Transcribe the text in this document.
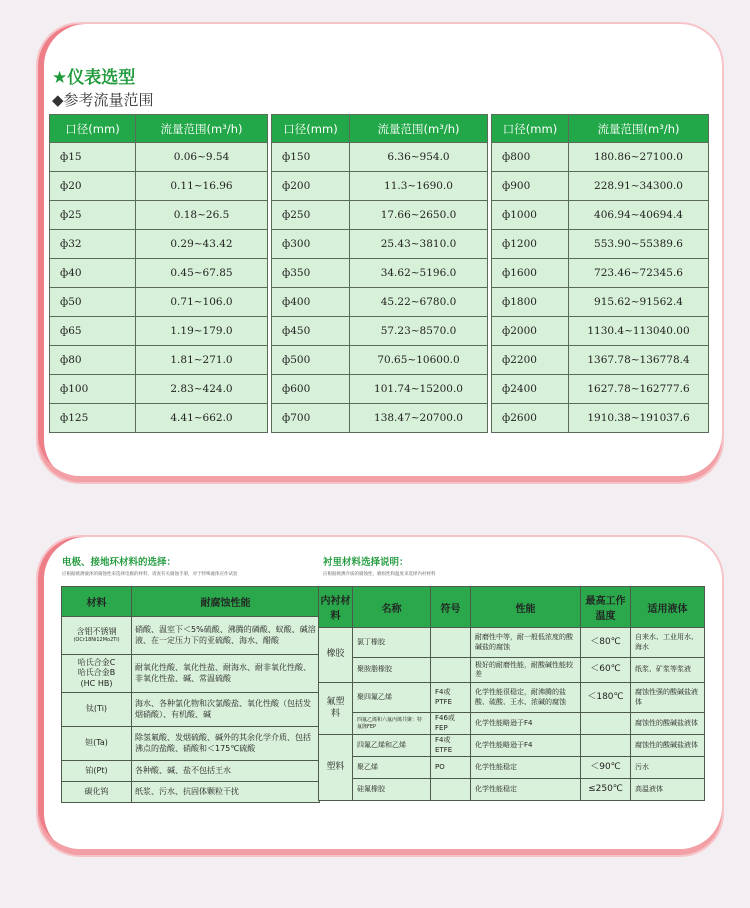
★仪表选型
◆参考流量范围
口径(mm)	流量范围(m³/h)		口径(mm)	流量范围(m³/h)		口径(mm)	流量范围(m³/h)
ф15	0.06~9.54		ф150	6.36~954.0		ф800	180.86~27100.0
ф20	0.11~16.96		ф200	11.3~1690.0		ф900	228.91~34300.0
ф25	0.18~26.5		ф250	17.66~2650.0		ф1000	406.94~40694.4
ф32	0.29~43.42		ф300	25.43~3810.0		ф1200	553.90~55389.6
ф40	0.45~67.85		ф350	34.62~5196.0		ф1600	723.46~72345.6
ф50	0.71~106.0		ф400	45.22~6780.0		ф1800	915.62~91562.4
ф65	1.19~179.0		ф450	57.23~8570.0		ф2000	1130.4~113040.00
ф80	1.81~271.0		ф500	70.65~10600.0		ф2200	1367.78~136778.4
ф100	2.83~424.0		ф600	101.74~15200.0		ф2400	1627.78~162777.6
ф125	4.41~662.0		ф700	138.47~20700.0		ф2600	1910.38~191037.6
电极、接地环材料的选择：
应根据被测液体的腐蚀性来选择电极的材料，请查有关腐蚀手册，对于特殊液体应作试验
衬里材料选择说明：
应根据被测介质的腐蚀性、磨损性和温度来选择内衬材料
材料	耐腐蚀性能

含钼不锈钢
(OCr18Ni12Mo2Ti)	硝酸、温室下＜5%硫酸、沸腾的磷酸、蚁酸、碱溶液、在一定压力下的亚硫酸、海水、醋酸

哈氏合金C
哈氏合金B
(HC HB)	耐氧化性酸、氧化性盐、耐海水、耐非氧化性酸、非氧化性盐、碱、常温硫酸

钛(Ti)	海水、各种氯化物和次氯酸盐、氧化性酸（包括发烟硝酸）、有机酸、碱

钽(Ta)	除氢氟酸、发烟硫酸、碱外的其余化学介质、包括沸点的盐酸、硝酸和＜175℃硫酸

铂(Pt)	各种酸、碱、盐不包括王水

碳化钨	纸浆、污水、抗固体颗粒干扰
内衬材料	名称	符号	性能	最高工作温度	适用液体
橡胶	氯丁橡胶		耐磨性中等，耐一般低浓度的酸碱盐的腐蚀	＜80℃	自来水、工业用水、海水
	聚胺脂橡胶		极好的耐磨性能，耐酸碱性能较差	＜60℃	纸浆、矿浆等浆液
氟塑料	聚四氟乙烯	F4或PTFE	化学性能很稳定，耐沸腾的盐酸、硫酸、王水、浓碱的腐蚀	＜180℃	腐蚀性强的酸碱盐液体
	四氟乙烯和六氟丙烯共聚：特氟隆FEP	F46或FEP	化学性能略逊于F4		腐蚀性的酸碱盐液体
塑料	四氟乙烯和乙烯	F4或ETFE	化学性能略逊于F4		腐蚀性的酸碱盐液体
	聚乙烯	PO	化学性能稳定	＜90℃	污水
	硅氟橡胶		化学性能稳定	≤250℃	高温液体
